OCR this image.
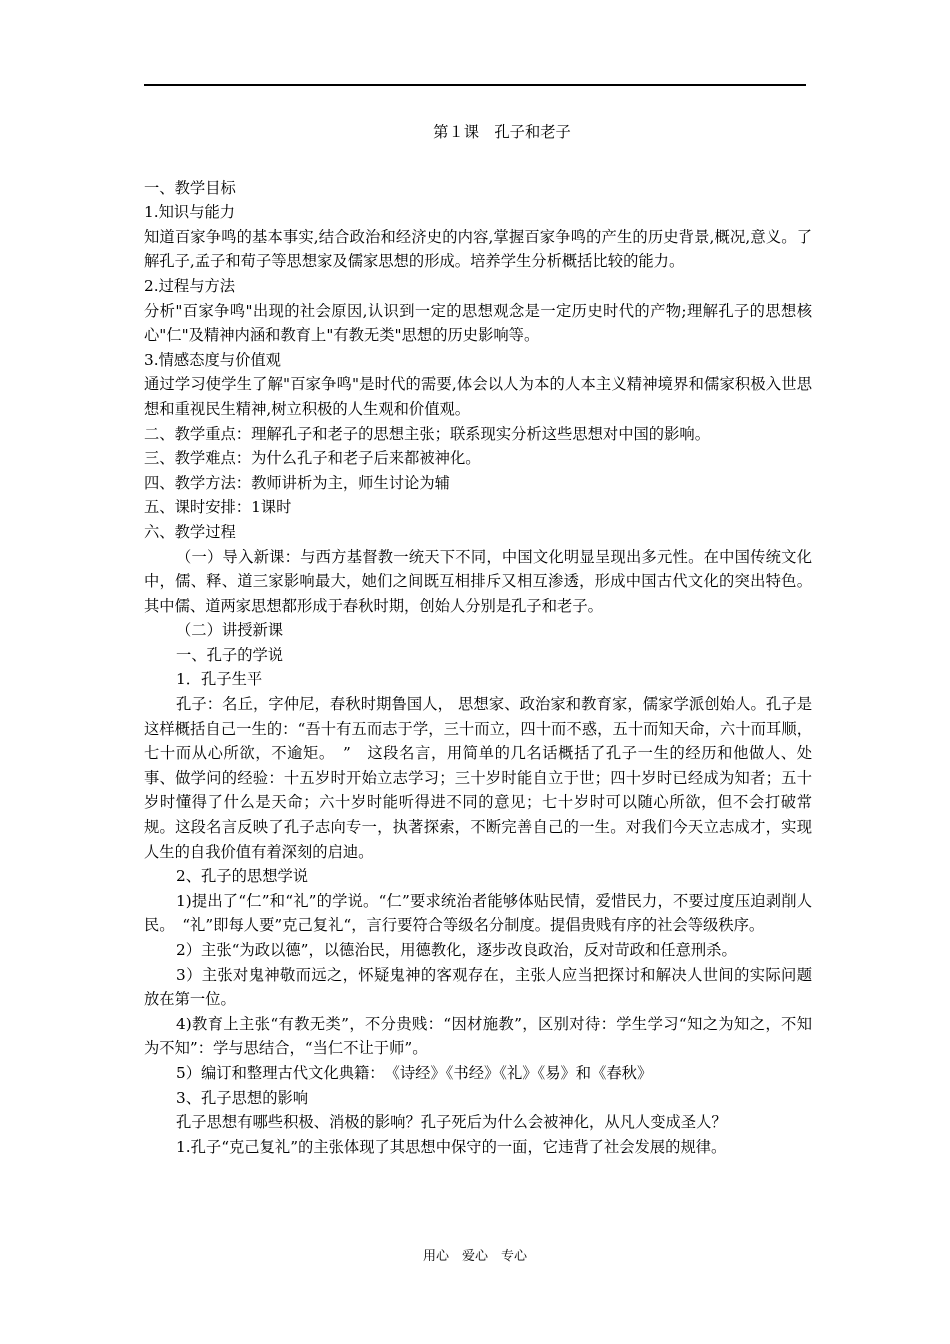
第１课　孔子和老子
一、教学目标
1.知识与能力

知道百家争鸣的基本事实,结合政治和经济史的内容,掌握百家争鸣的产生的历史背景,概况,意义。了解孔子,孟子和荀子等思想家及儒家思想的形成。培养学生分析概括比较的能力。

2.过程与方法

分析"百家争鸣"出现的社会原因,认识到一定的思想观念是一定历史时代的产物;理解孔子的思想核心"仁"及精神内涵和教育上"有教无类"思想的历史影响等。

3.情感态度与价值观

通过学习使学生了解"百家争鸣"是时代的需要,体会以人为本的人本主义精神境界和儒家积极入世思想和重视民生精神,树立积极的人生观和价值观。

二、教学重点：理解孔子和老子的思想主张；联系现实分析这些思想对中国的影响。
三、教学难点：为什么孔子和老子后来都被神化。
四、教学方法：教师讲析为主，师生讨论为辅
五、课时安排：1课时
六、教学过程

（一）导入新课：与西方基督教一统天下不同，中国文化明显呈现出多元性。在中国传统文化中，儒、释、道三家影响最大，她们之间既互相排斥又相互渗透，形成中国古代文化的突出特色。其中儒、道两家思想都形成于春秋时期，创始人分别是孔子和老子。

（二）讲授新课

一、孔子的学说

1．孔子生平

孔子：名丘，字仲尼，春秋时期鲁国人， 思想家、政治家和教育家，儒家学派创始人。孔子是这样概括自己一生的：“吾十有五而志于学，三十而立，四十而不惑，五十而知天命，六十而耳顺，七十而从心所欲，不逾矩。　”　这段名言，用简单的几名话概括了孔子一生的经历和他做人、处事、做学问的经验：十五岁时开始立志学习；三十岁时能自立于世；四十岁时已经成为知者；五十岁时懂得了什么是天命；六十岁时能听得进不同的意见；七十岁时可以随心所欲，但不会打破常规。这段名言反映了孔子志向专一，执著探索，不断完善自己的一生。对我们今天立志成才，实现人生的自我价值有着深刻的启迪。

2、孔子的思想学说

1)提出了“仁”和“礼”的学说。“仁”要求统治者能够体贴民情，爱惜民力，不要过度压迫剥削人民。　“礼”即每人要”克己复礼“，言行要符合等级名分制度。提倡贵贱有序的社会等级秩序。

2）主张“为政以德”，以德治民，用德教化，逐步改良政治，反对苛政和任意刑杀。

3）主张对鬼神敬而远之，怀疑鬼神的客观存在，主张人应当把探讨和解决人世间的实际问题放在第一位。

4)教育上主张“有教无类”，不分贵贱：“因材施教”，区别对待：学生学习“知之为知之，不知为不知”：学与思结合，“当仁不让于师”。

5）编订和整理古代文化典籍：　《诗经》《书经》《礼》《易》和《春秋》

3、孔子思想的影响

孔子思想有哪些积极、消极的影响？孔子死后为什么会被神化，从凡人变成圣人？

1.孔子“克己复礼”的主张体现了其思想中保守的一面，它违背了社会发展的规律。

用心　爱心　专心
